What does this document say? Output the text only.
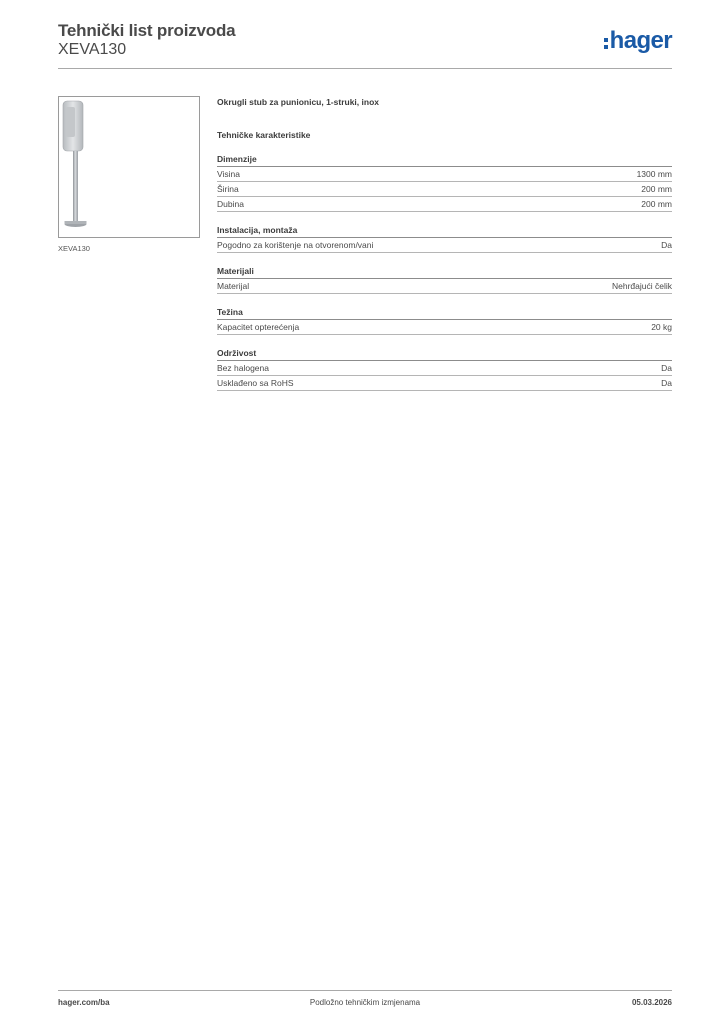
Tehnički list proizvoda
XEVA130	hager
XEVA130
Okrugli stub za punionicu, 1-struki, inox
Tehničke karakteristike
Dimenzije
Visina	1300 mm
Širina	200 mm
Dubina	200 mm
Instalacija, montaža
Pogodno za korištenje na otvorenom/vani	Da
Materijali
Materijal	Nehrđajući čelik
Težina
Kapacitet opterećenja	20 kg
Održivost
Bez halogena	Da
Usklađeno sa RoHS	Da
hager.com/ba	Podložno tehničkim izmjenama	05.03.2026
